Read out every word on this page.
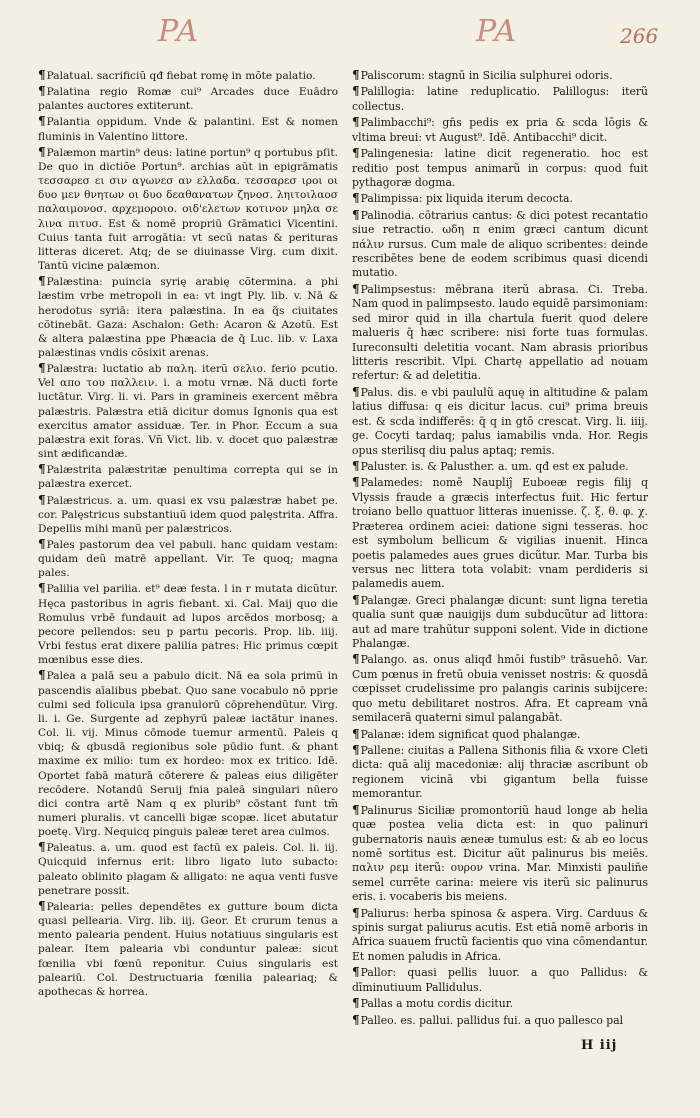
PA	PA	266

¶Palatual. sacrificiũ qđ fiebat romę in mõte palatio.

¶Palatina regio Romæ cui⁹ Arcades duce Euādro palantes auctores extiterunt.

¶Palantia oppidum. Vnde & palantini. Est & nomen fluminis in Valentino littore.

¶Palæmon martin⁹ deus: latine portun⁹ q portubus pſit. De quo in dictiõe Portun⁹. archias aũt in epigrāmatis τεσσαρεσ ει σιν αγωνεσ αν ελλαδα. τεσσαρεσ ιροι οι δυο μεν θνητων οι δυο δεαθανατων ζηνοσ. ληιτοιλαοσ παλαιμονοσ. αρχεμοροιο. οιδ'ελετων κοτινον μηλα σε λινα πιτυσ. Est & nomē propriū Grāmatici Vicentini. Cuius tanta fuit arrogātia: vt secū natas & perituras litteras diceret. Atq; de se diuinasse Virg. cum dixit. Tantũ vicine palæmon.

¶Palæstina: puincia syrię arabię cõtermina. a phi læstim vrbe metropoli in ea: vt ingt Ply. lib. v. Nā & herodotus syriā: itera palæstina. In ea q̃s ciuitates cõtinebāt. Gaza: Aschalon: Geth: Acaron & Azotũ. Est & altera palæstina ppe Phæacia de q̃ Luc. lib. v. Laxa palæstinas vndis cõsixit arenas.

¶Palæstra: luctatio ab παλη. iterũ σελιο. ferio pcutio. Vel απο του παλλειν. i. a motu vrnæ. Nā ducti forte luctātur. Virg. li. vi. Pars in gramineis exercent mēbra palæstris. Palæstra etiā dicitur domus Ignonis qua est exercitus amator assiduæ. Ter. in Phor. Eccum a sua palæstra exit foras. Vn̄ Vict. lib. v. docet quo palæstræ sint ædificandæ.

¶Palæstrita palæstritæ penultima correpta qui se in palæstra exercet.

¶Palæstricus. a. um. quasi ex vsu palæstræ habet pe. cor. Palęstricus substantiuũ idem quod palęstrita. Affra. Depellis mihi manũ per palæstricos.

¶Pales pastorum dea vel pabuli. hanc quidam vestam: quidam deũ matrē appellant. Vir. Te quoq; magna pales.

¶Palilia vel parilia. et⁹ deæ festa. l in r mutata dicũtur. Hęca pastoribus in agris fiebant. xi. Cal. Maij quo die Romulus vrbē fundauit ad lupos arcēdos morbosq; a pecore pellendos: seu p partu pecoris. Prop. lib. iiij. Vrbi festus erat dixere palilia patres: Hic primus cœpit mœnibus esse dies.

¶Palea a palā seu a pabulo dicit. Nā ea sola primũ in pascendis aīalibus pbebat. Quo sane vocabulo nō pprie culmi sed folicula ipsa granulorū cōprehendũtur. Virg. li. i. Ge. Surgente ad zephyrū paleæ iactātur inanes. Col. li. vij. Minus cōmode tuemur armentū. Paleis q vbiq; & qbusdā regionibus sole pūdio funt. & phant maxime ex milio: tum ex hordeo: mox ex tritico. Idē. Oportet fabā maturā cōterere & paleas eius diligēter recōdere. Notandū Seruij fnia paleā singulari nūero dici contra artē Nam q ex plurib⁹ cōstant funt tm̄ numeri pluralis. vt cancelli bigæ scopæ. licet abutatur poetę. Virg. Nequicq pinguis paleæ teret area culmos.

¶Paleatus. a. um. quod est factū ex paleis. Col. li. iij. Quicquid infernus erit: libro ligato luto subacto: paleato oblinito plagam & alligato: ne aqua venti fusve penetrare possit.

¶Palearia: pelles dependētes ex gutture boum dicta quasi pellearia. Virg. lib. iij. Geor. Et crurum tenus a mento palearia pendent. Huius notatiuus singularis est palear. Item palearia vbi conduntur paleæ: sicut fœnilia vbi fœnū reponitur. Cuius singularis est paleariū. Col. Destructuaria fœnilia paleariaq; & apothecas & horrea.

¶Paliscorum: stagnū in Sicilia sulphurei odoris.

¶Palillogia: latine reduplicatio. Palillogus: iterũ collectus.

¶Palimbacchi⁹: gn̄s pedis ex pria & scda lōgis & vltima breui: vt August⁹. Idē. Antibacchi⁹ dicit.

¶Palingenesia: latine dicit regeneratio. hoc est reditio post tempus animarũ in corpus: quod fuit pythagoræ dogma.

¶Palimpissa: pix liquida iterum decocta.

¶Palinodia. cōtrarius cantus: & dici potest recantatio siue retractio. ωδη π enim græci cantum dicunt πάλιν rursus. Cum male de aliquo scribentes: deinde rescribētes bene de eodem scribimus quasi dicendi mutatio.

¶Palimpsestus: mēbrana iterũ abrasa. Ci. Treba. Nam quod in palimpsesto. laudo equidē parsimoniam: sed miror quid in illa chartula fuerit quod delere malueris q̄ hæc scribere: nisi forte tuas formulas. Iureconsulti deletitia vocant. Nam abrasis prioribus litteris rescribit. Vlpi. Chartę appellatio ad nouam refertur: & ad deletitia.

¶Palus. dis. e vbi paululũ aquę in altitudine & palam latius diffusa: q eis dicitur lacus. cui⁹ prima breuis est. & scda indifferēs: q̄ q in gtō crescat. Virg. li. iiij. ge. Cocyti tardaq; palus iamabilis vnda. Hor. Regis opus sterilisq diu palus aptaq; remis.

¶Paluster. is. & Palusther. a. um. qđ est ex palude.

¶Palamedes: nomē Naupliĵ Euboeæ regis filij q Vlyssis fraude a græcis interfectus fuit. Hic fertur troiano bello quattuor litteras inuenisse. ζ. ξ. θ. φ. χ. Præterea ordinem aciei: datione signi tesseras. hoc est symbolum bellicum & vigilias inuenit. Hinca poetis palamedes aues grues dicũtur. Mar. Turba bis versus nec littera tota volabit: vnam perdideris si palamedis auem.

¶Palangæ. Greci phalangæ dicunt: sunt ligna teretia qualia sunt quæ nauigijs dum subducũtur ad littora: aut ad mare trahũtur supponi solent. Vide in dictione Phalangæ.

¶Palango. as. onus aliqđ hmōi fustib⁹ trāsuehõ. Var. Cum pœnus in fretū obuia venisset nostris: & quosdā cœpisset crudelissime pro palangis carinis subijcere: quo metu debilitaret nostros. Afra. Et capream vnā semilacerā quaterni simul palangabāt.

¶Palanæ: idem significat quod phalangæ.

¶Pallene: ciuitas a Pallena Sithonis filia & vxore Cleti dicta: quā alij macedoniæ: alij thraciæ ascribunt ob regionem vicinā vbi gigantum bella fuisse memorantur.

¶Palinurus Siciliæ promontoriũ haud longe ab helia quæ postea velia dicta est: in quo palinuri gubernatoris nauis æneæ tumulus est: & ab eo locus nomē sortitus est. Dicitur aũt palinurus bis meiēs. παλιν ρεμ iterũ: ουρον vrina. Mar. Minxisti paulin̄e semel currēte carina: meiere vis iterũ sic palinurus eris. i. vocaberis bis meiens.

¶Paliurus: herba spinosa & aspera. Virg. Carduus & spinis surgat paliurus acutis. Est etiā nomē arboris in Africa suauem fructũ facientis quo vina cōmendantur. Et nomen paludis in Africa.

¶Pallor: quasi pellis luuor. a quo Pallidus: & dīminutiuum Pallidulus.

¶Pallas a motu cordis dicitur.

¶Palleo. es. pallui. pallidus fui. a quo pallesco pal

H iij
